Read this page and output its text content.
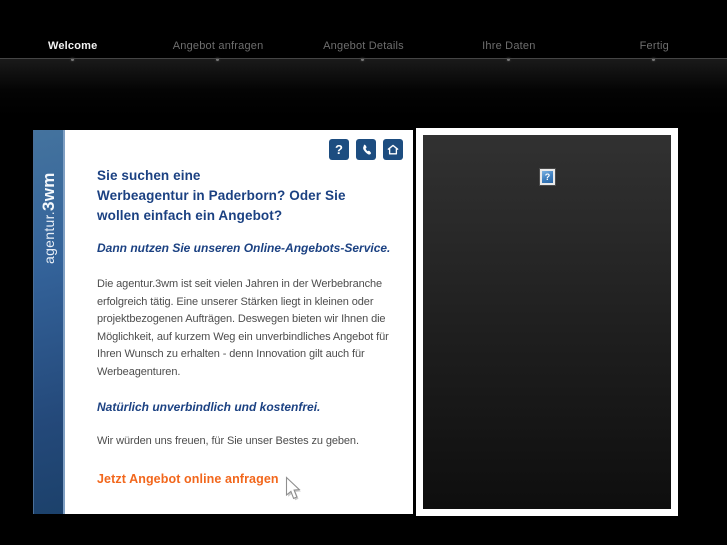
Welcome	Angebot anfragen	Angebot Details	Ihre Daten	Fertig
agentur.3wm
?
Sie suchen eine
Werbeagentur in Paderborn? Oder Sie
wollen einfach ein Angebot?

Dann nutzen Sie unseren Online-Angebots-Service.

Die agentur.3wm ist seit vielen Jahren in der Werbebranche erfolgreich tätig. Eine unserer Stärken liegt in kleinen oder projektbezogenen Aufträgen. Deswegen bieten wir Ihnen die Möglichkeit, auf kurzem Weg ein unverbindliches Angebot für Ihren Wunsch zu erhalten - denn Innovation gilt auch für Werbeagenturen.

Natürlich unverbindlich und kostenfrei.

Wir würden uns freuen, für Sie unser Bestes zu geben.

Jetzt Angebot online anfragen
?
